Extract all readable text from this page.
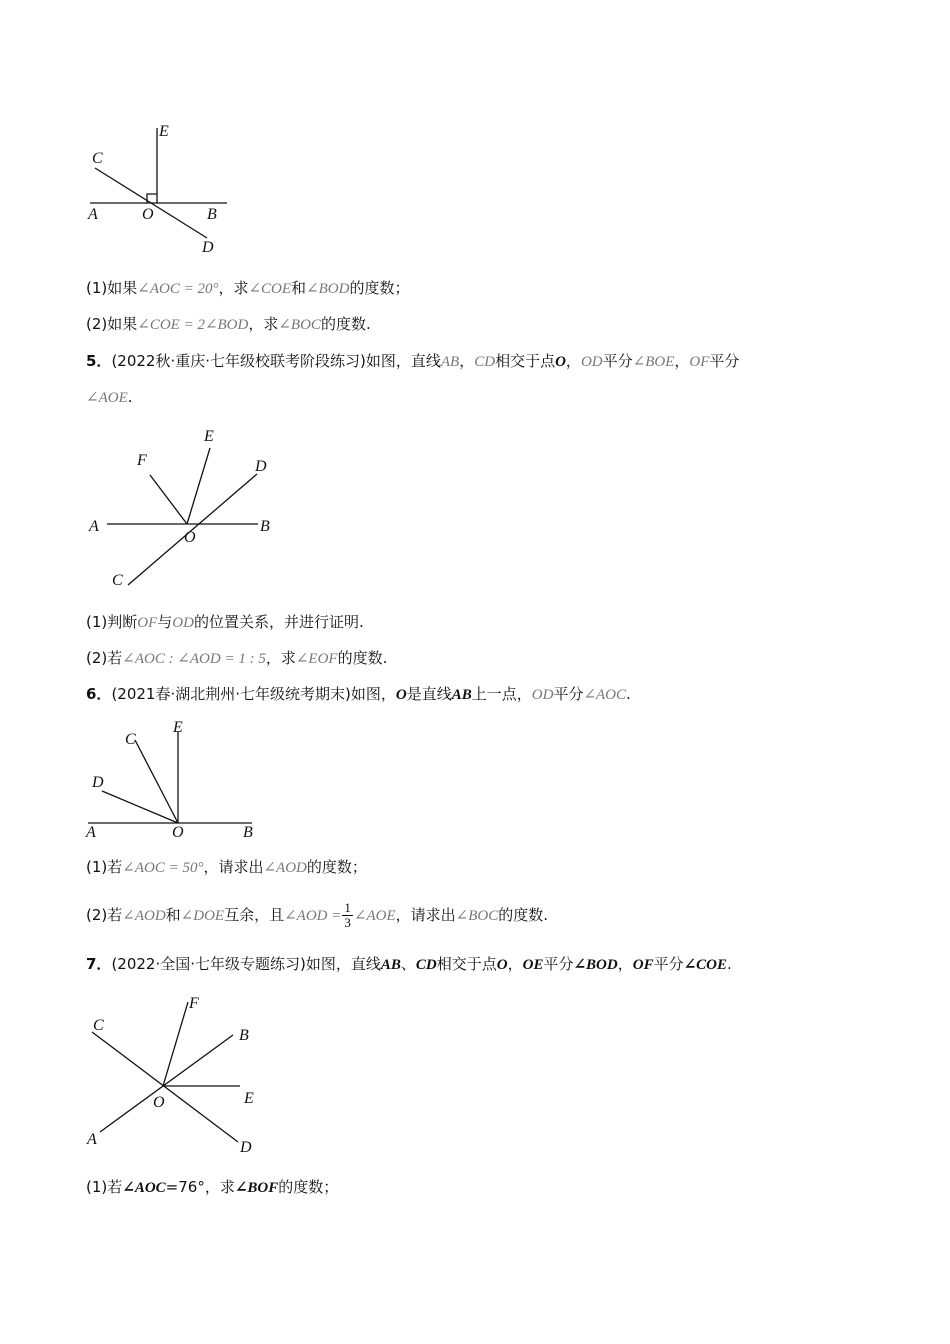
E
C
A	O	B
D
(1)如果∠AOC = 20°，求∠COE和∠BOD的度数；
(2)如果∠COE = 2∠BOD，求∠BOC的度数.
5．(2022秋·重庆·七年级校联考阶段练习)如图，直线AB，CD相交于点O，OD平分∠BOE，OF平分
∠AOE.
F
E
D
A
O
B
C
(1)判断OF与OD的位置关系，并进行证明.
(2)若∠AOC : ∠AOD = 1 : 5，求∠EOF的度数.
6．(2021春·湖北荆州·七年级统考期末)如图，O是直线AB上一点，OD平分∠AOC.
E
C
D
A	O	B
(1)若∠AOC = 50°，请求出∠AOD的度数；
(2)若∠AOD和∠DOE互余，且∠AOD = $\frac{1}{3}$ ∠AOE，请求出∠BOC的度数.
7．(2022·全国·七年级专题练习)如图，直线AB、CD相交于点O，OE平分∠BOD，OF平分∠COE.
F
C
B
O	E
A	D
(1)若∠AOC=76°，求∠BOF的度数；
